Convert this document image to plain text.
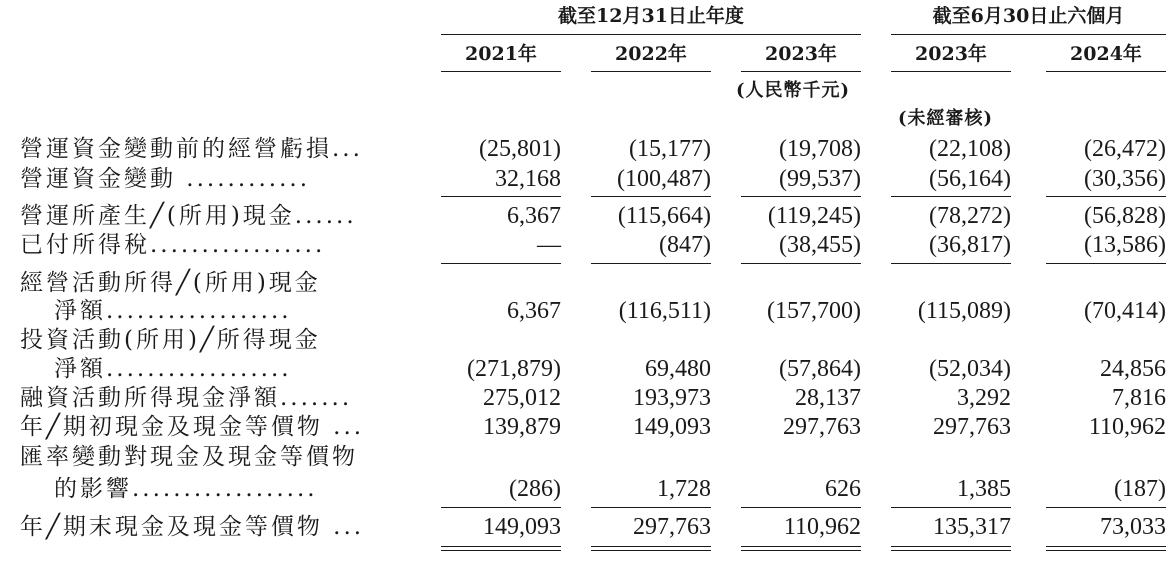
截至12月31日止年度	截至6月30日止六個月
2021年	2022年	2023年	2023年	2024年
(人民幣千元)
(未經審核)
營運資金變動前的經營虧損...	(25,801)	(15,177)	(19,708)	(22,108)	(26,472)
營運資金變動 ............	32,168	(100,487)	(99,537)	(56,164)	(30,356)
營運所產生╱(所用)現金......	6,367	(115,664)	(119,245)	(78,272)	(56,828)
已付所得稅.................	—	(847)	(38,455)	(36,817)	(13,586)
經營活動所得╱(所用)現金
淨額..................	6,367	(116,511)	(157,700)	(115,089)	(70,414)
投資活動(所用)╱所得現金
淨額..................	(271,879)	69,480	(57,864)	(52,034)	24,856
融資活動所得現金淨額.......	275,012	193,973	28,137	3,292	7,816
年╱期初現金及現金等價物 ...	139,879	149,093	297,763	297,763	110,962
匯率變動對現金及現金等價物
的影響..................	(286)	1,728	626	1,385	(187)
年╱期末現金及現金等價物 ...	149,093	297,763	110,962	135,317	73,033
